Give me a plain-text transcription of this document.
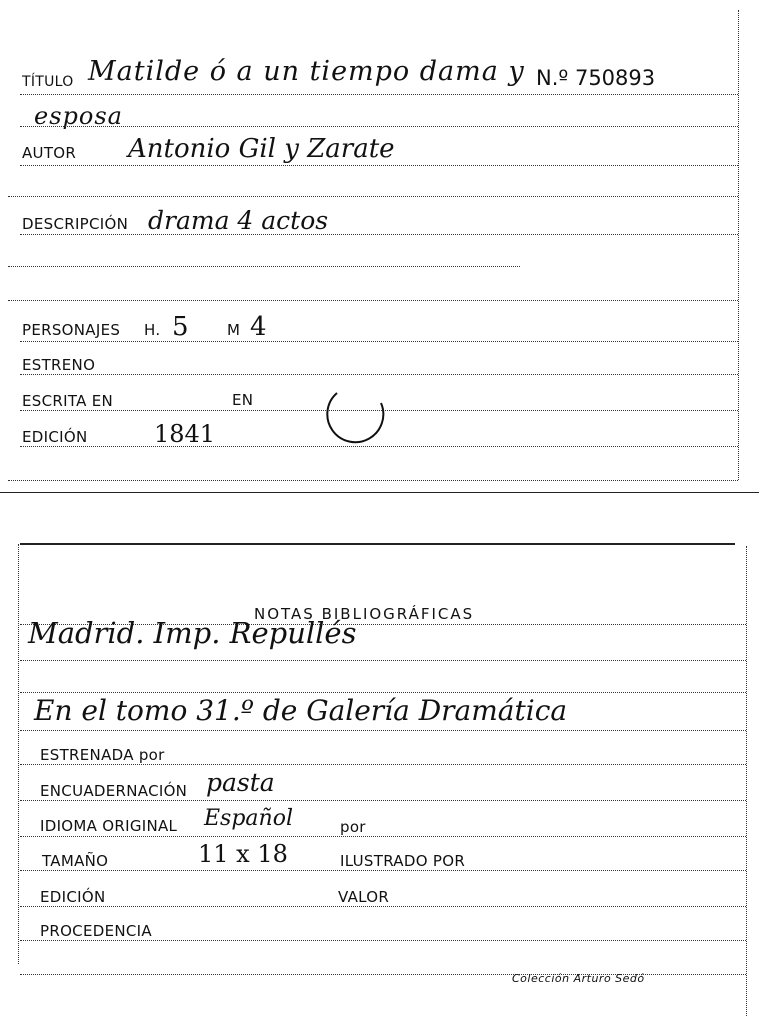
TÍTULO Matilde ó a un tiempo dama y N.º 750893
esposa
AUTOR Antonio Gil y Zarate
DESCRIPCIÓN drama 4 actos
PERSONAJES H. 5	M 4
ESTRENO
ESCRITA EN	EN
EDICIÓN	1841
NOTAS BIBLIOGRÁFICAS
Madrid. Imp. Repullés
En el tomo 31.º de Galería Dramática
ESTRENADA por
ENCUADERNACIÓN pasta
IDIOMA ORIGINAL Español	por
TAMAÑO	11 x 18	ILUSTRADO POR
EDICIÓN	VALOR
PROCEDENCIA
Colección Arturo Sedó
